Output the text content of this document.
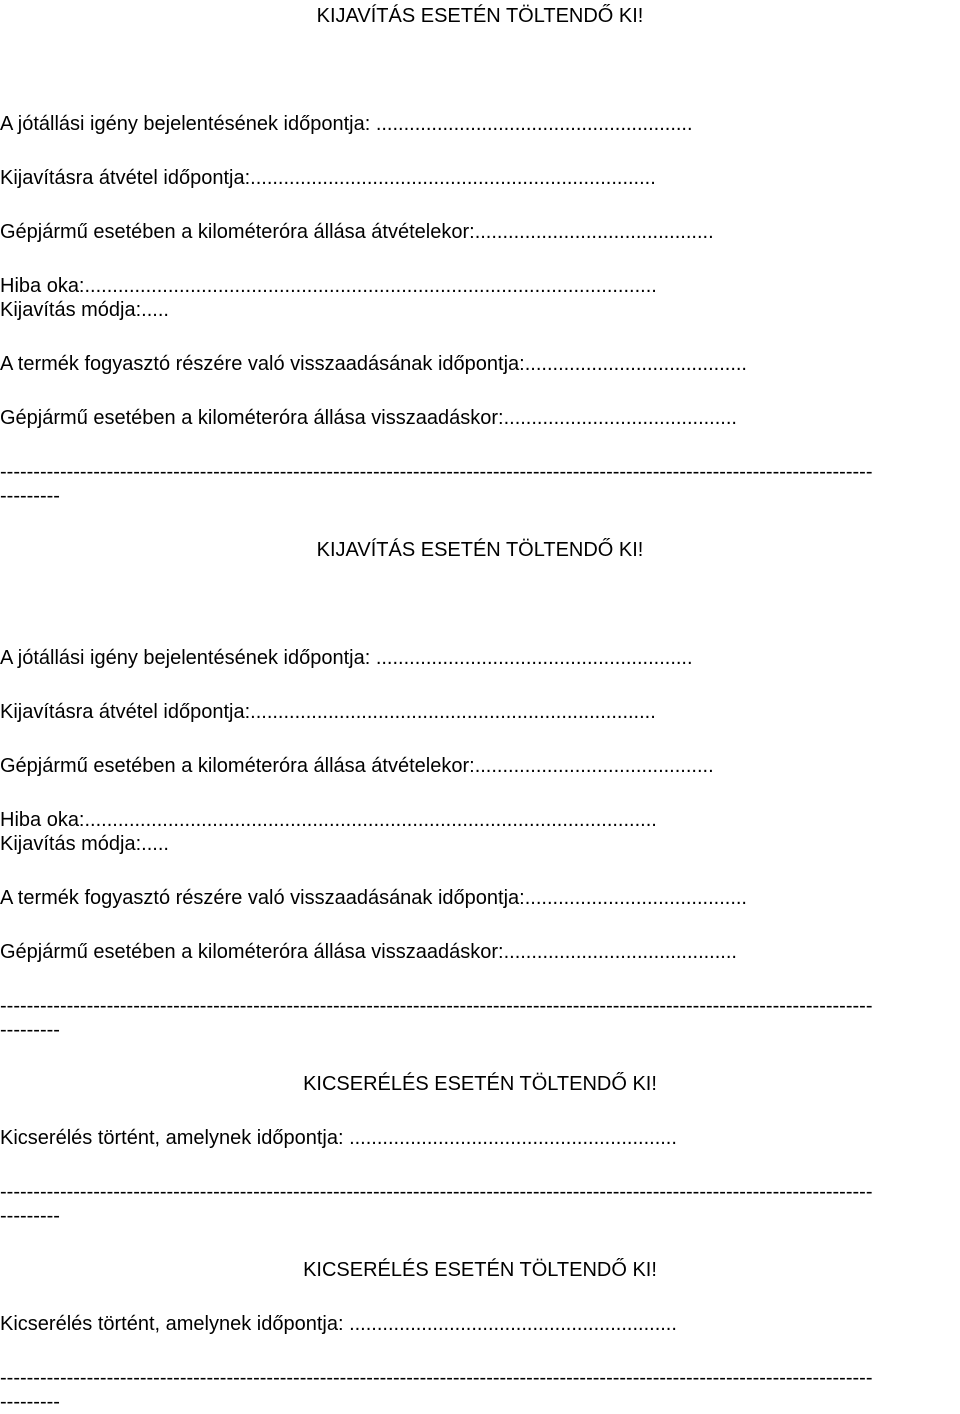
KIJAVÍTÁS ESETÉN TÖLTENDŐ KI!
A jótállási igény bejelentésének időpontja: .........................................................
Kijavításra átvétel időpontja:.........................................................................
Gépjármű esetében a kilométeróra állása átvételekor:...........................................
Hiba oka:.......................................................................................................
Kijavítás módja:.....
A termék fogyasztó részére való visszaadásának időpontja:........................................
Gépjármű esetében a kilométeróra állása visszaadáskor:..........................................
-----------------------------------------------------------------------------------------------------------------------------------
---------
KIJAVÍTÁS ESETÉN TÖLTENDŐ KI!
A jótállási igény bejelentésének időpontja: .........................................................
Kijavításra átvétel időpontja:.........................................................................
Gépjármű esetében a kilométeróra állása átvételekor:...........................................
Hiba oka:.......................................................................................................
Kijavítás módja:.....
A termék fogyasztó részére való visszaadásának időpontja:........................................
Gépjármű esetében a kilométeróra állása visszaadáskor:..........................................
-----------------------------------------------------------------------------------------------------------------------------------
---------
KICSERÉLÉS ESETÉN TÖLTENDŐ KI!
Kicserélés történt, amelynek időpontja: ...........................................................
-----------------------------------------------------------------------------------------------------------------------------------
---------
KICSERÉLÉS ESETÉN TÖLTENDŐ KI!
Kicserélés történt, amelynek időpontja: ...........................................................
-----------------------------------------------------------------------------------------------------------------------------------
---------
